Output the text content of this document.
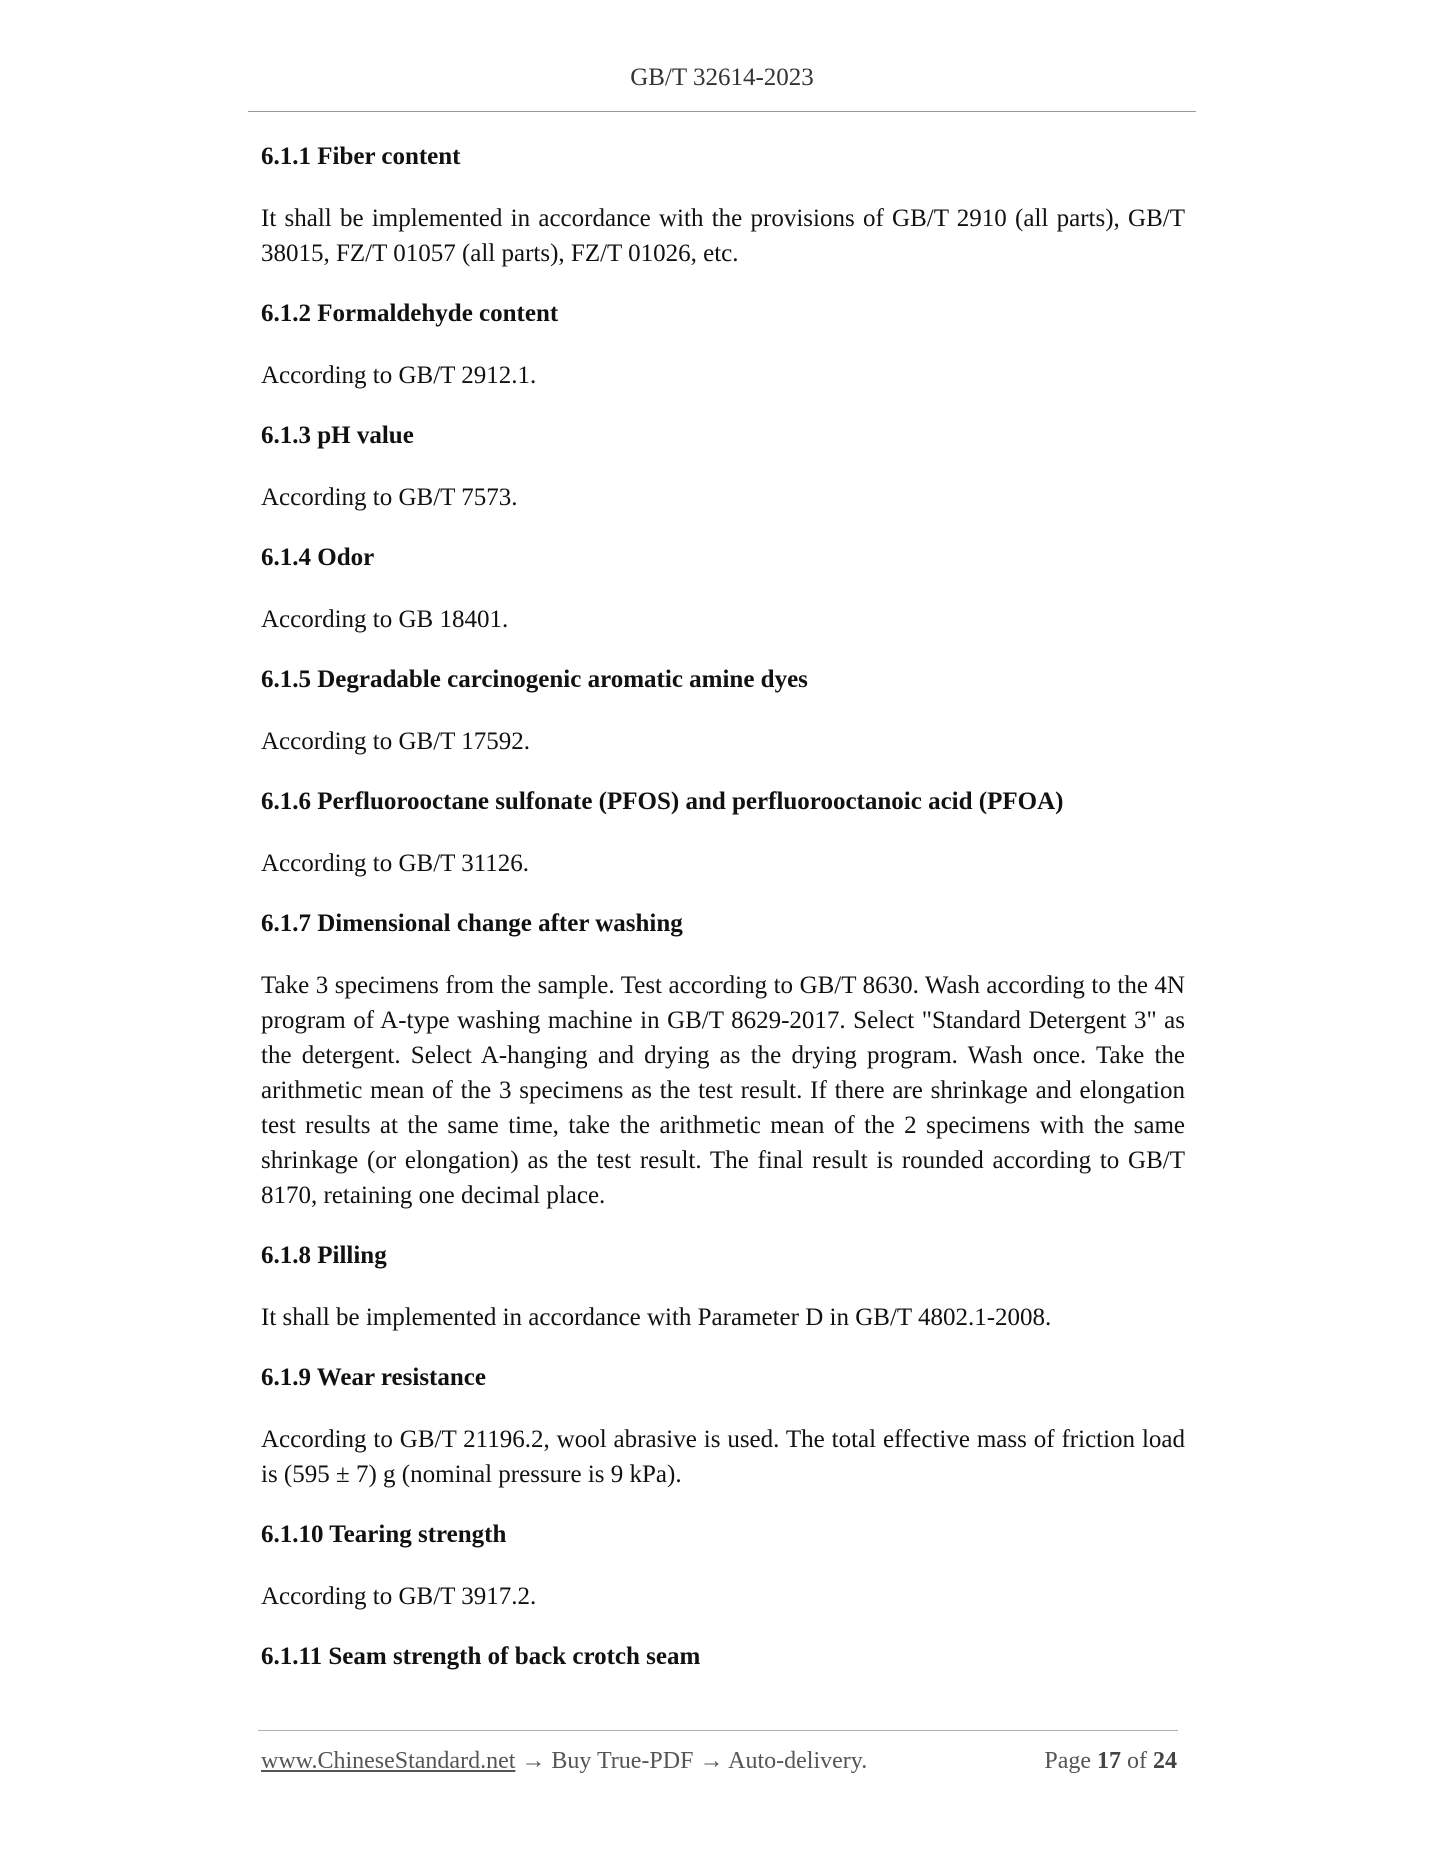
GB/T 32614-2023
6.1.1 Fiber content
It shall be implemented in accordance with the provisions of GB/T 2910 (all parts), GB/T 38015, FZ/T 01057 (all parts), FZ/T 01026, etc.
6.1.2 Formaldehyde content
According to GB/T 2912.1.
6.1.3 pH value
According to GB/T 7573.
6.1.4 Odor
According to GB 18401.
6.1.5 Degradable carcinogenic aromatic amine dyes
According to GB/T 17592.
6.1.6 Perfluorooctane sulfonate (PFOS) and perfluorooctanoic acid (PFOA)
According to GB/T 31126.
6.1.7 Dimensional change after washing
Take 3 specimens from the sample. Test according to GB/T 8630. Wash according to the 4N program of A-type washing machine in GB/T 8629-2017. Select "Standard Detergent 3" as the detergent. Select A-hanging and drying as the drying program. Wash once. Take the arithmetic mean of the 3 specimens as the test result. If there are shrinkage and elongation test results at the same time, take the arithmetic mean of the 2 specimens with the same shrinkage (or elongation) as the test result. The final result is rounded according to GB/T 8170, retaining one decimal place.
6.1.8 Pilling
It shall be implemented in accordance with Parameter D in GB/T 4802.1-2008.
6.1.9 Wear resistance
According to GB/T 21196.2, wool abrasive is used. The total effective mass of friction load is (595 ± 7) g (nominal pressure is 9 kPa).
6.1.10 Tearing strength
According to GB/T 3917.2.
6.1.11 Seam strength of back crotch seam
www.ChineseStandard.net → Buy True-PDF → Auto-delivery.	Page 17 of 24
